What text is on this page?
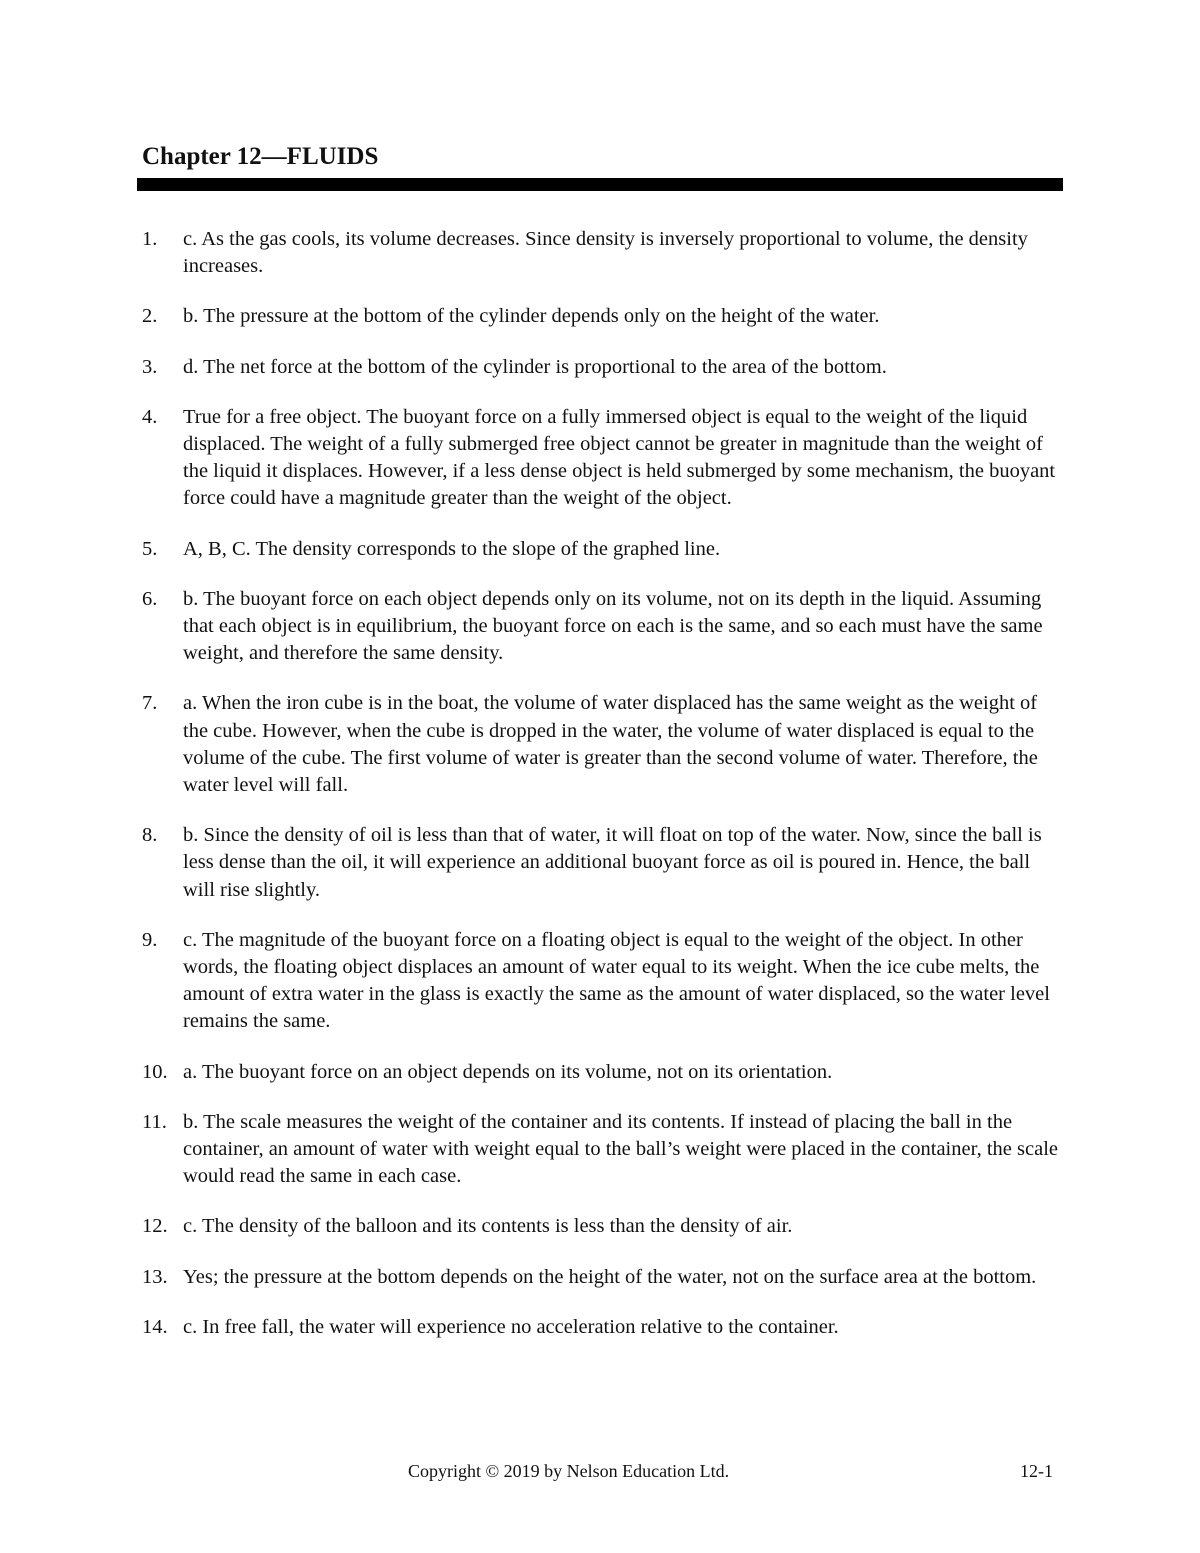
Chapter 12—FLUIDS
1.	c. As the gas cools, its volume decreases. Since density is inversely proportional to volume, the density increases.
2.	b. The pressure at the bottom of the cylinder depends only on the height of the water.
3.	d. The net force at the bottom of the cylinder is proportional to the area of the bottom.
4.	True for a free object. The buoyant force on a fully immersed object is equal to the weight of the liquid displaced. The weight of a fully submerged free object cannot be greater in magnitude than the weight of the liquid it displaces. However, if a less dense object is held submerged by some mechanism, the buoyant force could have a magnitude greater than the weight of the object.
5.	A, B, C. The density corresponds to the slope of the graphed line.
6.	b. The buoyant force on each object depends only on its volume, not on its depth in the liquid. Assuming that each object is in equilibrium, the buoyant force on each is the same, and so each must have the same weight, and therefore the same density.
7.	a. When the iron cube is in the boat, the volume of water displaced has the same weight as the weight of the cube. However, when the cube is dropped in the water, the volume of water displaced is equal to the volume of the cube. The first volume of water is greater than the second volume of water. Therefore, the water level will fall.
8.	b. Since the density of oil is less than that of water, it will float on top of the water. Now, since the ball is less dense than the oil, it will experience an additional buoyant force as oil is poured in. Hence, the ball will rise slightly.
9.	c. The magnitude of the buoyant force on a floating object is equal to the weight of the object. In other words, the floating object displaces an amount of water equal to its weight. When the ice cube melts, the amount of extra water in the glass is exactly the same as the amount of water displaced, so the water level remains the same.
10. a. The buoyant force on an object depends on its volume, not on its orientation.
11. b. The scale measures the weight of the container and its contents. If instead of placing the ball in the container, an amount of water with weight equal to the ball’s weight were placed in the container, the scale would read the same in each case.
12. c. The density of the balloon and its contents is less than the density of air.
13. Yes; the pressure at the bottom depends on the height of the water, not on the surface area at the bottom.
14. c. In free fall, the water will experience no acceleration relative to the container.
Copyright © 2019 by Nelson Education Ltd.	12-1
